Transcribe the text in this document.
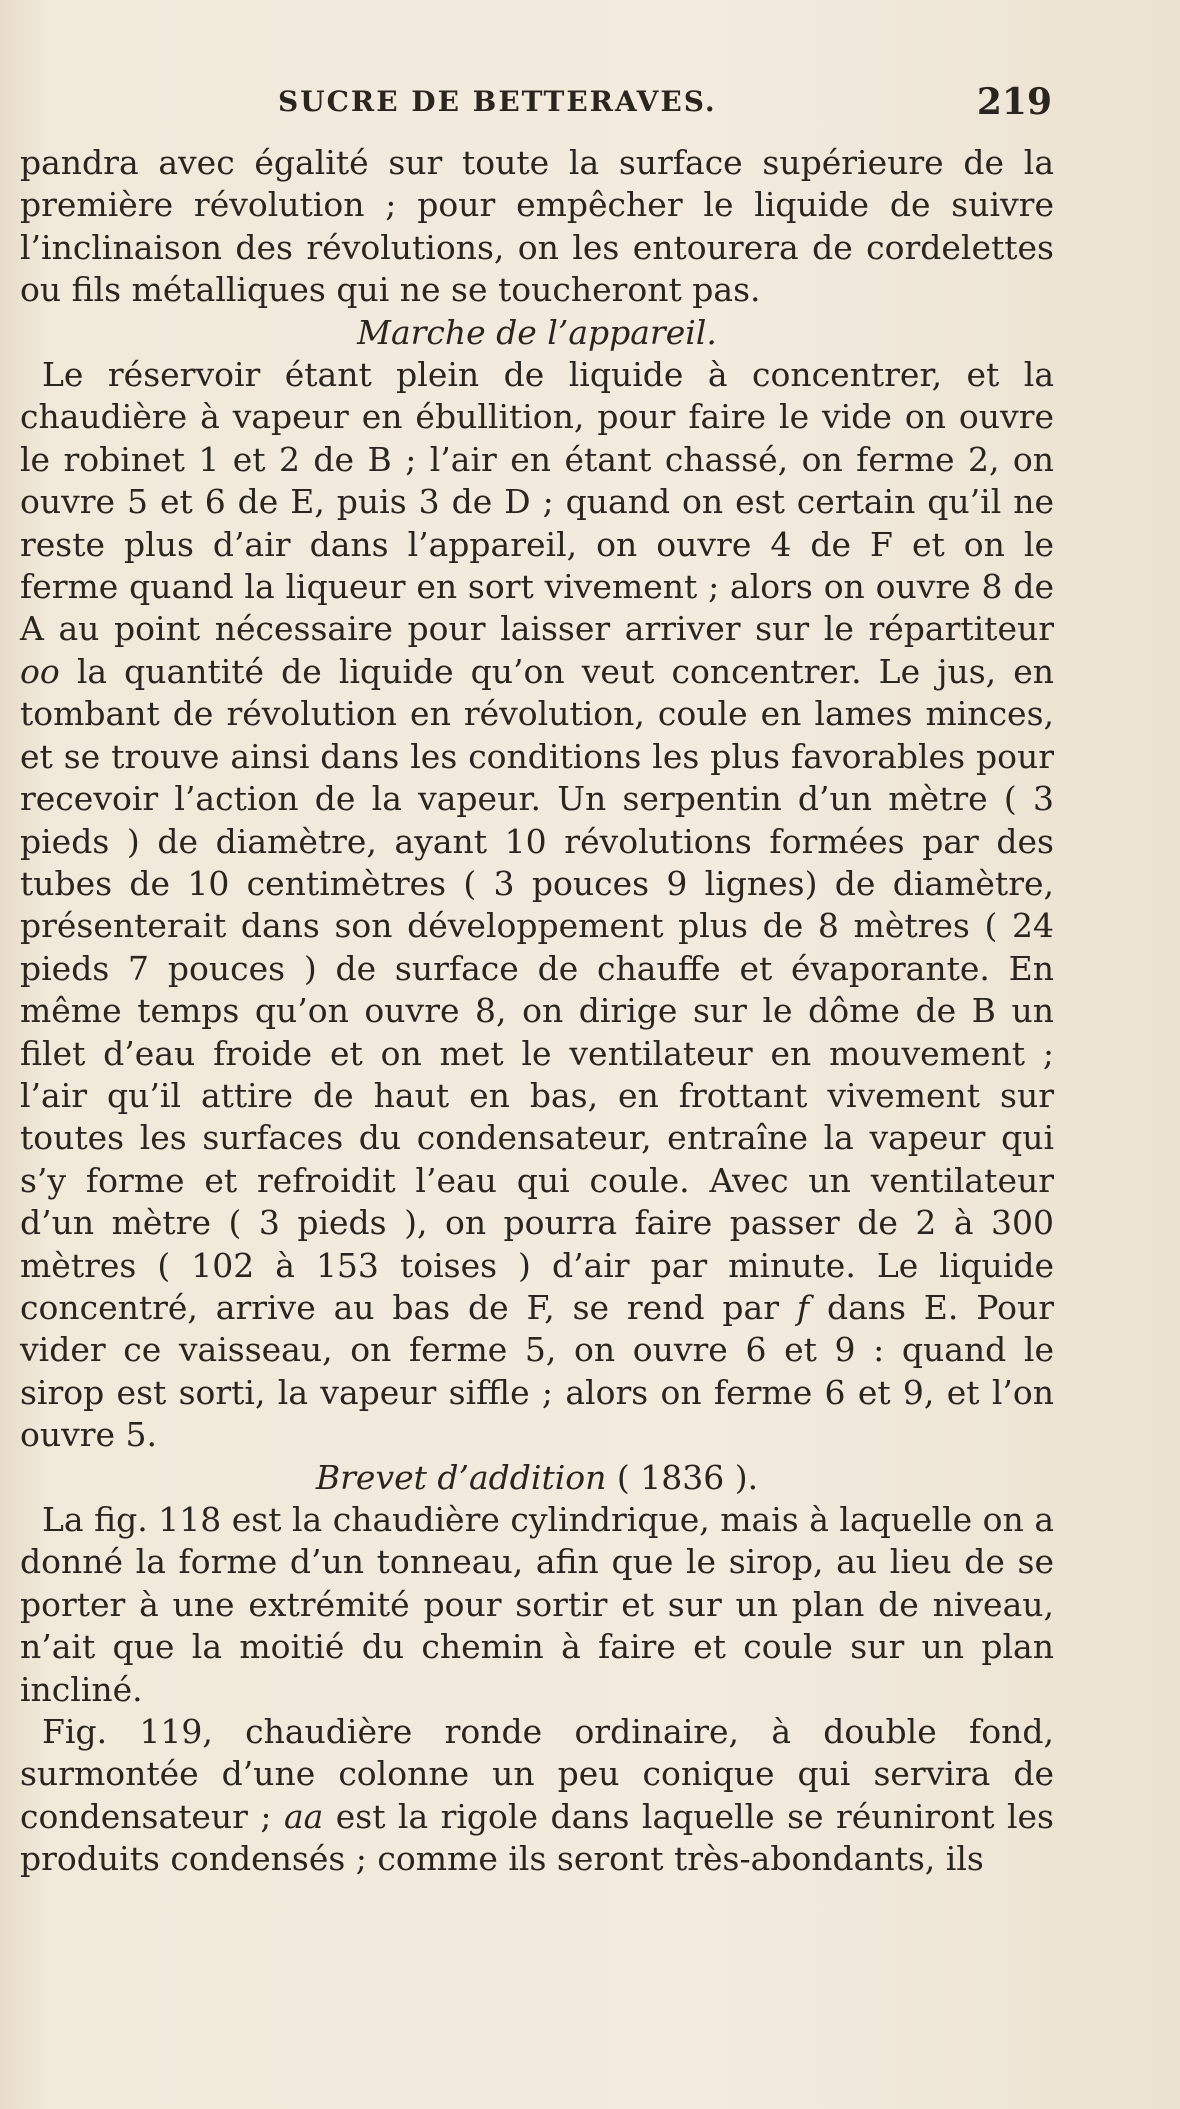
SUCRE DE BETTERAVES.	219

pandra avec égalité sur toute la surface supérieure de la première révolution ; pour empêcher le liquide de suivre l’inclinaison des révolutions, on les entourera de cordelettes ou fils métalliques qui ne se toucheront pas.

Marche de l’appareil.

Le réservoir étant plein de liquide à concentrer, et la chaudière à vapeur en ébullition, pour faire le vide on ouvre le robinet 1 et 2 de B ; l’air en étant chassé, on ferme 2, on ouvre 5 et 6 de E, puis 3 de D ; quand on est certain qu’il ne reste plus d’air dans l’appareil, on ouvre 4 de F et on le ferme quand la liqueur en sort vivement ; alors on ouvre 8 de A au point nécessaire pour laisser arriver sur le répartiteur oo la quantité de liquide qu’on veut concentrer. Le jus, en tombant de révolution en révolution, coule en lames minces, et se trouve ainsi dans les conditions les plus favorables pour recevoir l’action de la vapeur. Un serpentin d’un mètre ( 3 pieds ) de diamètre, ayant 10 révolutions formées par des tubes de 10 centimètres ( 3 pouces 9 lignes) de diamètre, présenterait dans son développement plus de 8 mètres ( 24 pieds 7 pouces ) de surface de chauffe et évaporante. En même temps qu’on ouvre 8, on dirige sur le dôme de B un filet d’eau froide et on met le ventilateur en mouvement ; l’air qu’il attire de haut en bas, en frottant vivement sur toutes les surfaces du condensateur, entraîne la vapeur qui s’y forme et refroidit l’eau qui coule. Avec un ventilateur d’un mètre ( 3 pieds ), on pourra faire passer de 2 à 300 mètres ( 102 à 153 toises ) d’air par minute. Le liquide concentré, arrive au bas de F, se rend par f dans E. Pour vider ce vaisseau, on ferme 5, on ouvre 6 et 9 : quand le sirop est sorti, la vapeur siffle ; alors on ferme 6 et 9, et l’on ouvre 5.

Brevet d’addition ( 1836 ).

La fig. 118 est la chaudière cylindrique, mais à laquelle on a donné la forme d’un tonneau, afin que le sirop, au lieu de se porter à une extrémité pour sortir et sur un plan de niveau, n’ait que la moitié du chemin à faire et coule sur un plan incliné.

Fig. 119, chaudière ronde ordinaire, à double fond, surmontée d’une colonne un peu conique qui servira de condensateur ; aa est la rigole dans laquelle se réuniront les produits condensés ; comme ils seront très-abondants, ils
